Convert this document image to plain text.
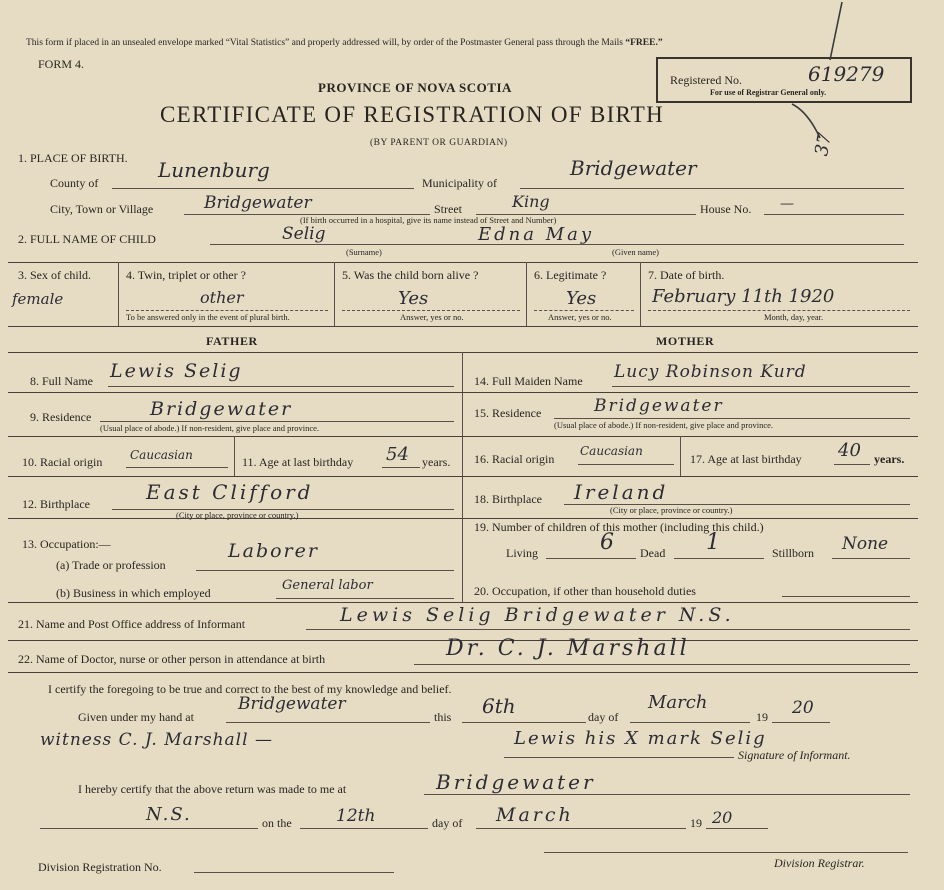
This form if placed in an unsealed envelope marked “Vital Statistics” and properly addressed will, by order of the Postmaster General pass through the Mails “FREE.”
FORM 4.
PROVINCE OF NOVA SCOTIA
CERTIFICATE OF REGISTRATION OF BIRTH
(BY PARENT OR GUARDIAN)
Registered No.	619279
For use of Registrar General only.
37
1. PLACE OF BIRTH.
County of
Lunenburg
Municipality of
Bridgewater
City, Town or Village	Bridgewater	Street	King	House No. —
(If birth occurred in a hospital, give its name instead of Street and Number)
2. FULL NAME OF CHILD	Selig	Edna May
(Surname)	(Given name)
3. Sex of child.
female
4. Twin, triplet or other ?
other
To be answered only in the event of plural birth.
5. Was the child born alive ?
Yes
Answer, yes or no.
6. Legitimate ?
Yes
Answer, yes or no.
7. Date of birth.
February 11th 1920
Month, day, year.
FATHER	MOTHER
8. Full Name Lewis Selig
9. Residence	Bridgewater
(Usual place of abode.) If non-resident, give place and province.
10. Racial origin Caucasian	11. Age at last birthday 54 years.
12. Birthplace	East Clifford
(City or place, province or country.)
13. Occupation:—
(a) Trade or profession
Laborer
(b) Business in which employed	General labor
14. Full Maiden Name Lucy Robinson Kurd
15. Residence	Bridgewater
(Usual place of abode.) If non-resident, give place and province.
16. Racial origin
Caucasian
17. Age at last birthday 40 years.
18. Birthplace Ireland
(City or place, province or country.)
19. Number of children of this mother (including this child.)
Living	6 Dead 1	Stillborn None
20. Occupation, if other than household duties
21. Name and Post Office address of Informant	Lewis Selig Bridgewater N.S.
22. Name of Doctor, nurse or other person in attendance at birth	Dr. C. J. Marshall
I certify the foregoing to be true and correct to the best of my knowledge and belief.
Given under my hand at
Bridgewater
this 6th	day of
March
19 20
witness C. J. Marshall —	Lewis his X mark Selig
Signature of Informant.
I hereby certify that the above return was made to me at	Bridgewater
N.S.	on the	12th	day of March	19 20
Division Registration No.	Division Registrar.
